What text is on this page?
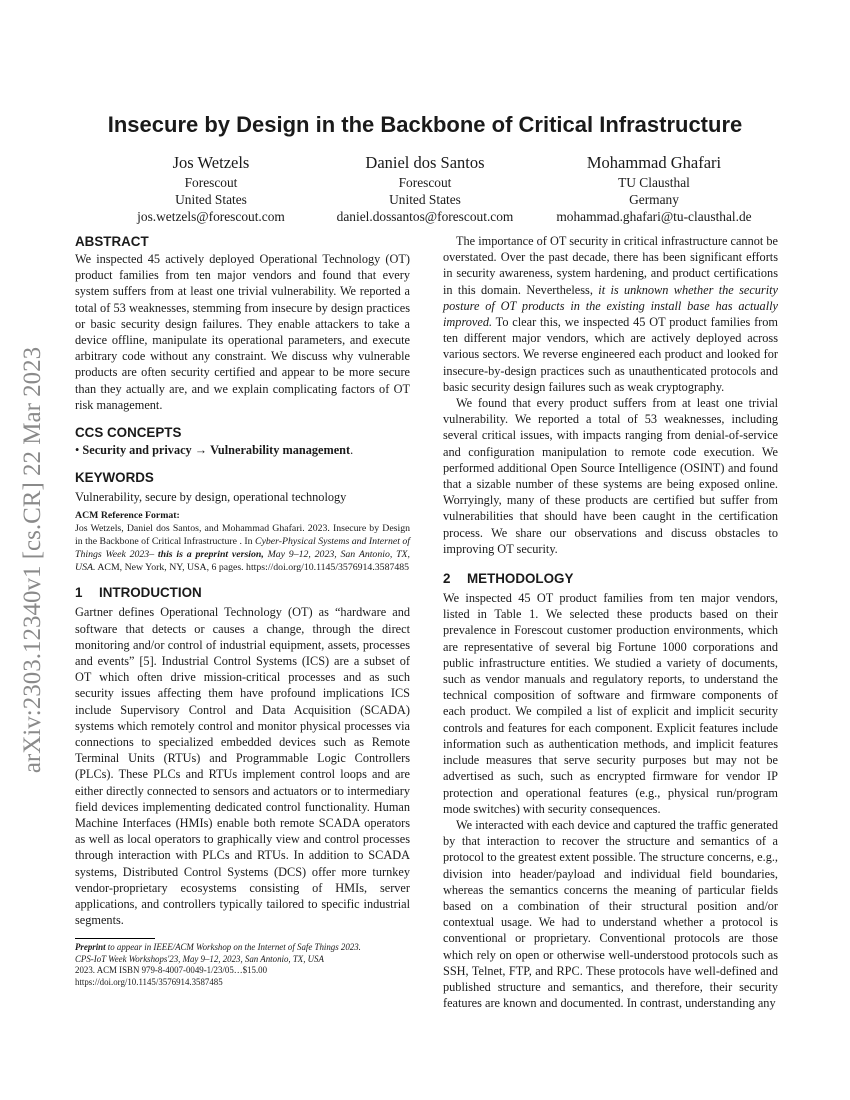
arXiv:2303.12340v1 [cs.CR] 22 Mar 2023
Insecure by Design in the Backbone of Critical Infrastructure
Jos Wetzels
Forescout
United States
jos.wetzels@forescout.com
Daniel dos Santos
Forescout
United States
daniel.dossantos@forescout.com
Mohammad Ghafari
TU Clausthal
Germany
mohammad.ghafari@tu-clausthal.de
ABSTRACT

We inspected 45 actively deployed Operational Technology (OT) product families from ten major vendors and found that every system suffers from at least one trivial vulnerability. We reported a total of 53 weaknesses, stemming from insecure by design practices or basic security design failures. They enable attackers to take a device offline, manipulate its operational parameters, and execute arbitrary code without any constraint. We discuss why vulnerable products are often security certified and appear to be more secure than they actually are, and we explain complicating factors of OT risk management.

CCS CONCEPTS

• Security and privacy → Vulnerability management.

KEYWORDS

Vulnerability, secure by design, operational technology

ACM Reference Format:

Jos Wetzels, Daniel dos Santos, and Mohammad Ghafari. 2023. Insecure by Design in the Backbone of Critical Infrastructure . In Cyber-Physical Systems and Internet of Things Week 2023– this is a preprint version, May 9–12, 2023, San Antonio, TX, USA. ACM, New York, NY, USA, 6 pages. https://doi.org/10.1145/3576914.3587485

1 INTRODUCTION

Gartner defines Operational Technology (OT) as “hardware and software that detects or causes a change, through the direct monitoring and/or control of industrial equipment, assets, processes and events” [5]. Industrial Control Systems (ICS) are a subset of OT which often drive mission-critical processes and as such security issues affecting them have profound implications ICS include Supervisory Control and Data Acquisition (SCADA) systems which remotely control and monitor physical processes via connections to specialized embedded devices such as Remote Terminal Units (RTUs) and Programmable Logic Controllers (PLCs). These PLCs and RTUs implement control loops and are either directly connected to sensors and actuators or to intermediary field devices implementing dedicated control functionality. Human Machine Interfaces (HMIs) enable both remote SCADA operators as well as local operators to graphically view and control processes through interaction with PLCs and RTUs. In addition to SCADA systems, Distributed Control Systems (DCS) offer more turnkey vendor-proprietary ecosystems consisting of HMIs, server applications, and controllers typically tailored to specific industrial segments.

Preprint to appear in IEEE/ACM Workshop on the Internet of Safe Things 2023.
CPS-IoT Week Workshops'23, May 9–12, 2023, San Antonio, TX, USA
2023. ACM ISBN 979-8-4007-0049-1/23/05…$15.00
https://doi.org/10.1145/3576914.3587485

The importance of OT security in critical infrastructure cannot be overstated. Over the past decade, there has been significant efforts in security awareness, system hardening, and product certifications in this domain. Nevertheless, it is unknown whether the security posture of OT products in the existing install base has actually improved. To clear this, we inspected 45 OT product families from ten different major vendors, which are actively deployed across various sectors. We reverse engineered each product and looked for insecure-by-design practices such as unauthenticated protocols and basic security design failures such as weak cryptography.

We found that every product suffers from at least one trivial vulnerability. We reported a total of 53 weaknesses, including several critical issues, with impacts ranging from denial-of-service and configuration manipulation to remote code execution. We performed additional Open Source Intelligence (OSINT) and found that a sizable number of these systems are being exposed online. Worryingly, many of these products are certified but suffer from vulnerabilities that should have been caught in the certification process. We share our observations and discuss obstacles to improving OT security.

2 METHODOLOGY

We inspected 45 OT product families from ten major vendors, listed in Table 1. We selected these products based on their prevalence in Forescout customer production environments, which are representative of several big Fortune 1000 corporations and public infrastructure entities. We studied a variety of documents, such as vendor manuals and regulatory reports, to understand the technical composition of software and firmware components of each product. We compiled a list of explicit and implicit security controls and features for each component. Explicit features include information such as authentication methods, and implicit features include measures that serve security purposes but may not be advertised as such, such as encrypted firmware for vendor IP protection and operational features (e.g., physical run/program mode switches) with security consequences.

We interacted with each device and captured the traffic generated by that interaction to recover the structure and semantics of a protocol to the greatest extent possible. The structure concerns, e.g., division into header/payload and individual field boundaries, whereas the semantics concerns the meaning of particular fields based on a combination of their structural position and/or contextual usage. We had to understand whether a protocol is conventional or proprietary. Conventional protocols are those which rely on open or otherwise well-understood protocols such as SSH, Telnet, FTP, and RPC. These protocols have well-defined and published structure and semantics, and therefore, their security features are known and documented. In contrast, understanding any
